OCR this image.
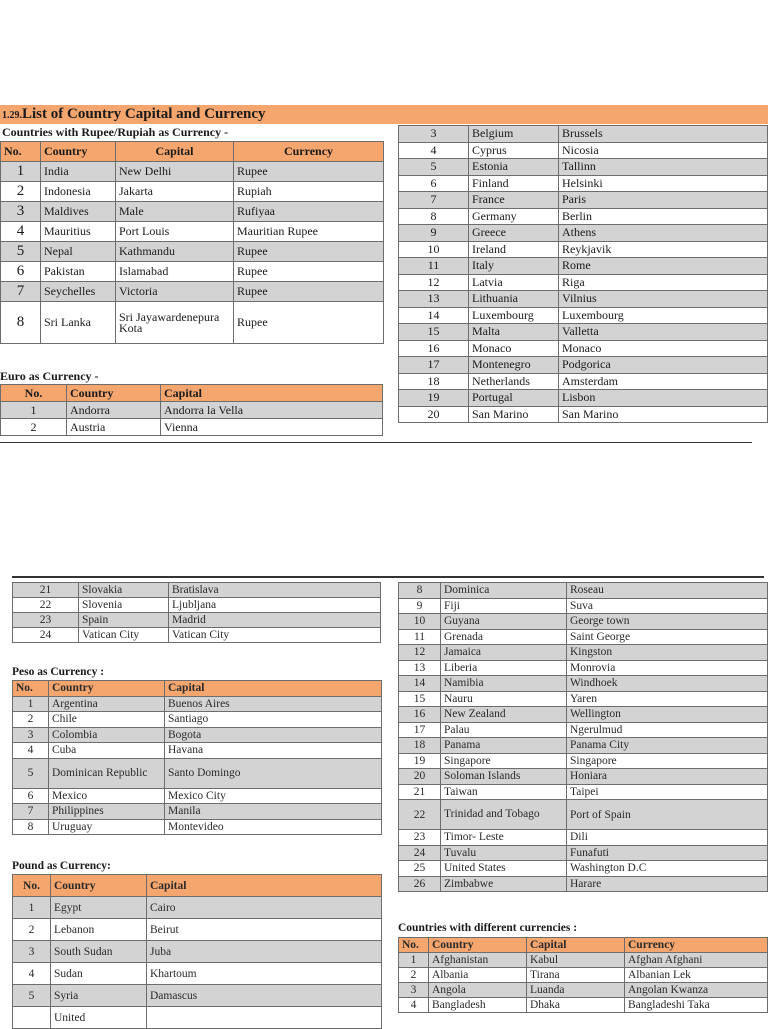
1.29.List of Country Capital and Currency
Countries with Rupee/Rupiah as Currency -
No.	Country	Capital	Currency
1	India	New Delhi	Rupee
2	Indonesia	Jakarta	Rupiah
3	Maldives	Male	Rufiyaa
4	Mauritius	Port Louis	Mauritian Rupee
5	Nepal	Kathmandu	Rupee
6	Pakistan	Islamabad	Rupee
7	Seychelles	Victoria	Rupee
8	Sri Lanka	Sri Jayawardenepura Kota	Rupee
Euro as Currency -
No.	Country	Capital
1	Andorra	Andorra la Vella
2	Austria	Vienna
3	Belgium	Brussels
4	Cyprus	Nicosia
5	Estonia	Tallinn
6	Finland	Helsinki
7	France	Paris
8	Germany	Berlin
9	Greece	Athens
10	Ireland	Reykjavik
11	Italy	Rome
12	Latvia	Riga
13	Lithuania	Vilnius
14	Luxembourg	Luxembourg
15	Malta	Valletta
16	Monaco	Monaco
17	Montenegro	Podgorica
18	Netherlands	Amsterdam
19	Portugal	Lisbon
20	San Marino	San Marino
21	Slovakia	Bratislava
22	Slovenia	Ljubljana
23	Spain	Madrid
24	Vatican City	Vatican City
Peso as Currency :
No.	Country	Capital
1	Argentina	Buenos Aires
2	Chile	Santiago
3	Colombia	Bogota
4	Cuba	Havana
5	Dominican Republic	Santo Domingo
6	Mexico	Mexico City
7	Philippines	Manila
8	Uruguay	Montevideo
Pound as Currency:
No.	Country	Capital
1	Egypt	Cairo
2	Lebanon	Beirut
3	South Sudan	Juba
4	Sudan	Khartoum
5	Syria	Damascus
	United	
8	Dominica	Roseau
9	Fiji	Suva
10	Guyana	George town
11	Grenada	Saint George
12	Jamaica	Kingston
13	Liberia	Monrovia
14	Namibia	Windhoek
15	Nauru	Yaren
16	New Zealand	Wellington
17	Palau	Ngerulmud
18	Panama	Panama City
19	Singapore	Singapore
20	Soloman Islands	Honiara
21	Taiwan	Taipei
22	Trinidad and Tobago	Port of Spain
23	Timor- Leste	Dili
24	Tuvalu	Funafuti
25	United States	Washington D.C
26	Zimbabwe	Harare
Countries with different currencies :
No.	Country	Capital	Currency
1	Afghanistan	Kabul	Afghan Afghani
2	Albania	Tirana	Albanian Lek
3	Angola	Luanda	Angolan Kwanza
4	Bangladesh	Dhaka	Bangladeshi Taka
